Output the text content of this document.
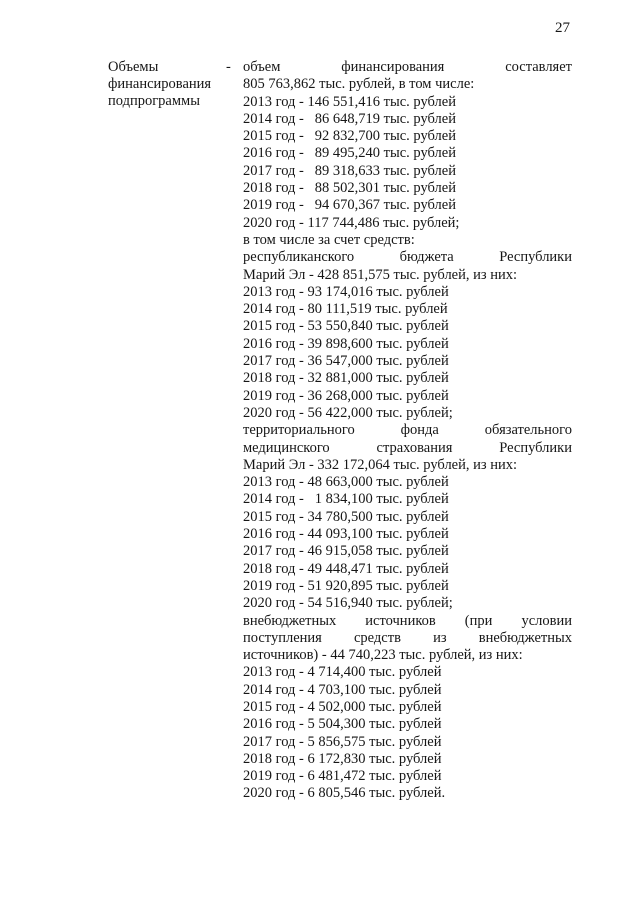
27
Объемы
финансирования
подпрограммы
- объем	финансирования	составляет
805 763,862 тыс. рублей, в том числе:
2013 год - 146 551,416 тыс. рублей
2014 год -   86 648,719 тыс. рублей
2015 год -   92 832,700 тыс. рублей
2016 год -   89 495,240 тыс. рублей
2017 год -   89 318,633 тыс. рублей
2018 год -   88 502,301 тыс. рублей
2019 год -   94 670,367 тыс. рублей
2020 год - 117 744,486 тыс. рублей;
в том числе за счет средств:
республиканского	бюджета	Республики
Марий Эл - 428 851,575 тыс. рублей, из них:
2013 год - 93 174,016 тыс. рублей
2014 год - 80 111,519 тыс. рублей
2015 год - 53 550,840 тыс. рублей
2016 год - 39 898,600 тыс. рублей
2017 год - 36 547,000 тыс. рублей
2018 год - 32 881,000 тыс. рублей
2019 год - 36 268,000 тыс. рублей
2020 год - 56 422,000 тыс. рублей;
территориального	фонда	обязательного
медицинского	страхования	Республики
Марий Эл - 332 172,064 тыс. рублей, из них:
2013 год - 48 663,000 тыс. рублей
2014 год -   1 834,100 тыс. рублей
2015 год - 34 780,500 тыс. рублей
2016 год - 44 093,100 тыс. рублей
2017 год - 46 915,058 тыс. рублей
2018 год - 49 448,471 тыс. рублей
2019 год - 51 920,895 тыс. рублей
2020 год - 54 516,940 тыс. рублей;
внебюджетных источников (при условии
поступления средств из внебюджетных
источников) - 44 740,223 тыс. рублей, из них:
2013 год - 4 714,400 тыс. рублей
2014 год - 4 703,100 тыс. рублей
2015 год - 4 502,000 тыс. рублей
2016 год - 5 504,300 тыс. рублей
2017 год - 5 856,575 тыс. рублей
2018 год - 6 172,830 тыс. рублей
2019 год - 6 481,472 тыс. рублей
2020 год - 6 805,546 тыс. рублей.
